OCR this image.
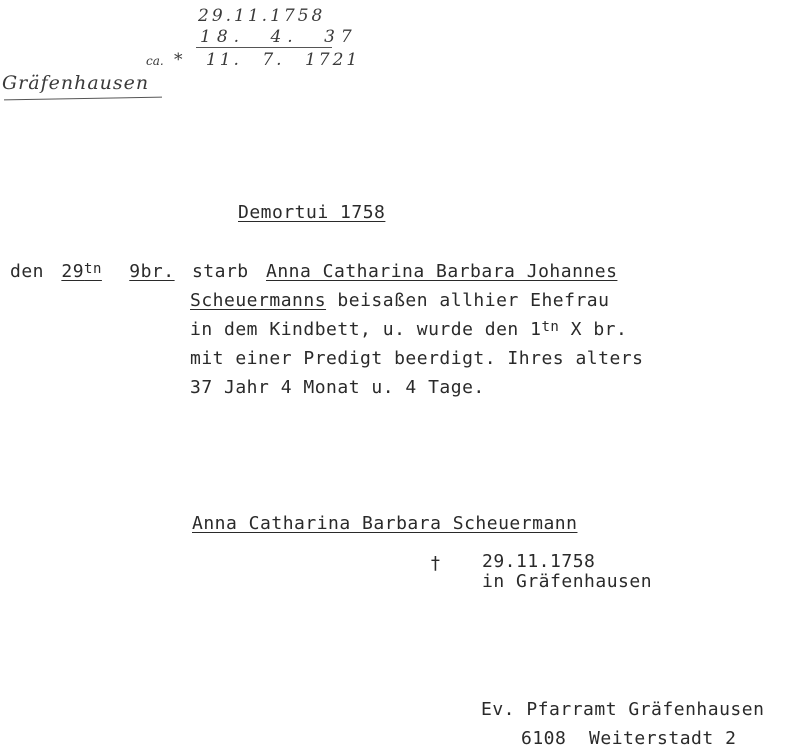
29.11.1758
18. 4. 37
ca. * 11. 7. 1721
Gräfenhausen
Demortui 1758
den $29^{tn}$ 9br. starb Anna Catharina Barbara Johannes
Scheuermanns beisaßen allhier Ehefrau
in dem Kindbett, u. wurde den $1^{tn}$ X br.
mit einer Predigt beerdigt. Ihres alters
37 Jahr 4 Monat u. 4 Tage.
Anna Catharina Barbara Scheuermann
† 29.11.1758
in Gräfenhausen
Ev. Pfarramt Gräfenhausen
6108  Weiterstadt 2
